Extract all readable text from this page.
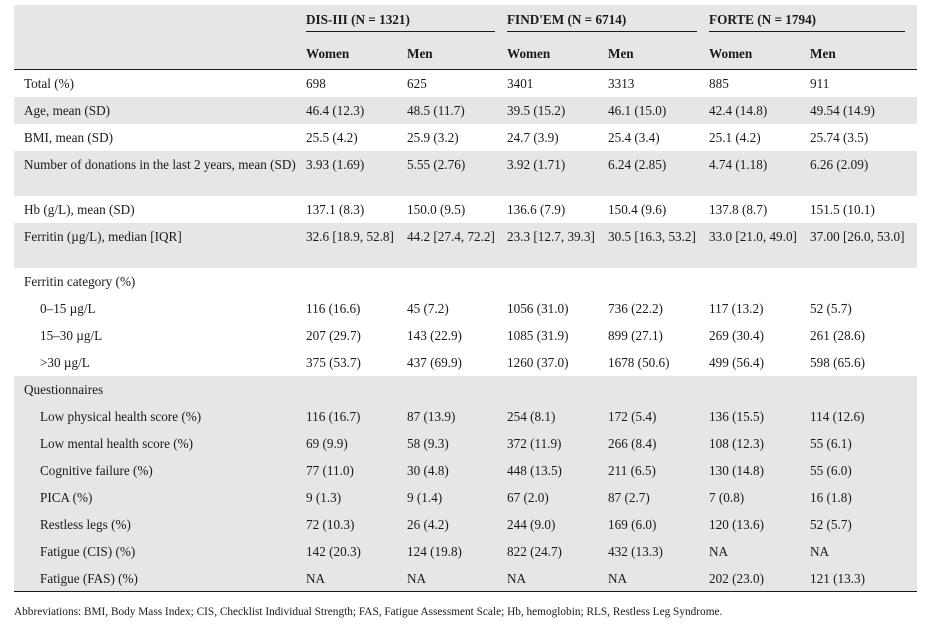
	DIS-III (N = 1321)		FIND'EM (N = 6714)		FORTE (N = 1794)	

	Women	Men	Women	Men	Women	Men
Total (%)	698	625	3401	3313	885	911
Age, mean (SD)	46.4 (12.3)	48.5 (11.7)	39.5 (15.2)	46.1 (15.0)	42.4 (14.8)	49.54 (14.9)
BMI, mean (SD)	25.5 (4.2)	25.9 (3.2)	24.7 (3.9)	25.4 (3.4)	25.1 (4.2)	25.74 (3.5)
Number of donations in the last 2 years, mean (SD)	3.93 (1.69)	5.55 (2.76)	3.92 (1.71)	6.24 (2.85)	4.74 (1.18)	6.26 (2.09)
Hb (g/L), mean (SD)	137.1 (8.3)	150.0 (9.5)	136.6 (7.9)	150.4 (9.6)	137.8 (8.7)	151.5 (10.1)
Ferritin (µg/L), median [IQR]	32.6 [18.9, 52.8]	44.2 [27.4, 72.2]	23.3 [12.7, 39.3]	30.5 [16.3, 53.2]	33.0 [21.0, 49.0]	37.00 [26.0, 53.0]
Ferritin category (%)						
0–15 µg/L	116 (16.6)	45 (7.2)	1056 (31.0)	736 (22.2)	117 (13.2)	52 (5.7)
15–30 µg/L	207 (29.7)	143 (22.9)	1085 (31.9)	899 (27.1)	269 (30.4)	261 (28.6)
>30 µg/L	375 (53.7)	437 (69.9)	1260 (37.0)	1678 (50.6)	499 (56.4)	598 (65.6)
Questionnaires						
Low physical health score (%)	116 (16.7)	87 (13.9)	254 (8.1)	172 (5.4)	136 (15.5)	114 (12.6)
Low mental health score (%)	69 (9.9)	58 (9.3)	372 (11.9)	266 (8.4)	108 (12.3)	55 (6.1)
Cognitive failure (%)	77 (11.0)	30 (4.8)	448 (13.5)	211 (6.5)	130 (14.8)	55 (6.0)
PICA (%)	9 (1.3)	9 (1.4)	67 (2.0)	87 (2.7)	7 (0.8)	16 (1.8)
Restless legs (%)	72 (10.3)	26 (4.2)	244 (9.0)	169 (6.0)	120 (13.6)	52 (5.7)
Fatigue (CIS) (%)	142 (20.3)	124 (19.8)	822 (24.7)	432 (13.3)	NA	NA
Fatigue (FAS) (%)	NA	NA	NA	NA	202 (23.0)	121 (13.3)
Abbreviations: BMI, Body Mass Index; CIS, Checklist Individual Strength; FAS, Fatigue Assessment Scale; Hb, hemoglobin; RLS, Restless Leg Syndrome.
